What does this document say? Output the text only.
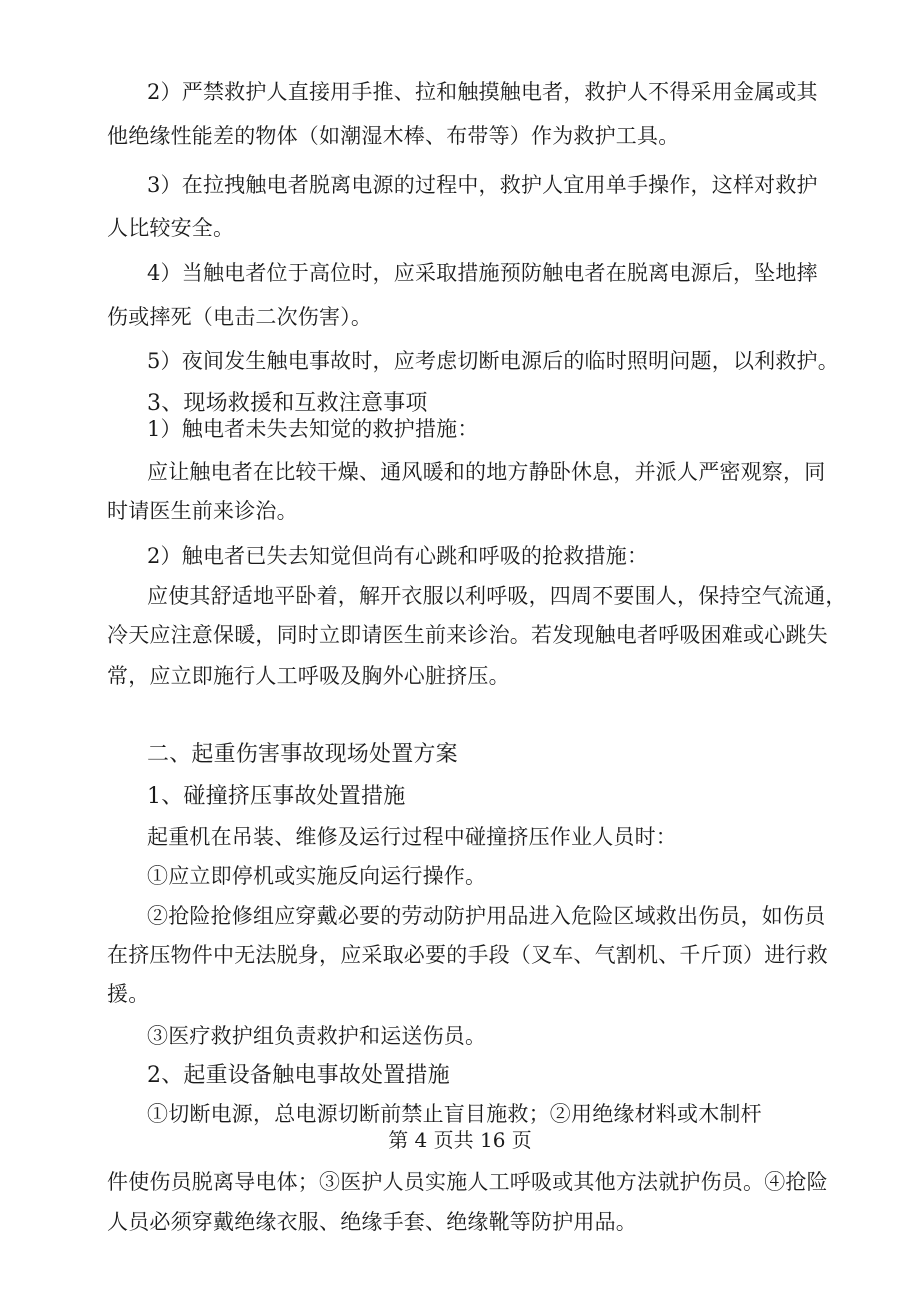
2）严禁救护人直接用手推、拉和触摸触电者，救护人不得采用金属或其

他绝缘性能差的物体（如潮湿木棒、布带等）作为救护工具。

3）在拉拽触电者脱离电源的过程中，救护人宜用单手操作，这样对救护

人比较安全。

4）当触电者位于高位时，应采取措施预防触电者在脱离电源后，坠地摔

伤或摔死（电击二次伤害）。

5）夜间发生触电事故时，应考虑切断电源后的临时照明问题，以利救护。

3、现场救援和互救注意事项

1）触电者未失去知觉的救护措施：

应让触电者在比较干燥、通风暖和的地方静卧休息，并派人严密观察，同

时请医生前来诊治。

2）触电者已失去知觉但尚有心跳和呼吸的抢救措施：

应使其舒适地平卧着，解开衣服以利呼吸，四周不要围人，保持空气流通，

冷天应注意保暖，同时立即请医生前来诊治。若发现触电者呼吸困难或心跳失

常，应立即施行人工呼吸及胸外心脏挤压。

二、起重伤害事故现场处置方案

1、碰撞挤压事故处置措施

起重机在吊装、维修及运行过程中碰撞挤压作业人员时：

①应立即停机或实施反向运行操作。

②抢险抢修组应穿戴必要的劳动防护用品进入危险区域救出伤员，如伤员

在挤压物件中无法脱身，应采取必要的手段（叉车、气割机、千斤顶）进行救

援。

③医疗救护组负责救护和运送伤员。

2、起重设备触电事故处置措施

①切断电源，总电源切断前禁止盲目施救；②用绝缘材料或木制杆

第 4 页共 16 页

件使伤员脱离导电体；③医护人员实施人工呼吸或其他方法就护伤员。④抢险

人员必须穿戴绝缘衣服、绝缘手套、绝缘靴等防护用品。
